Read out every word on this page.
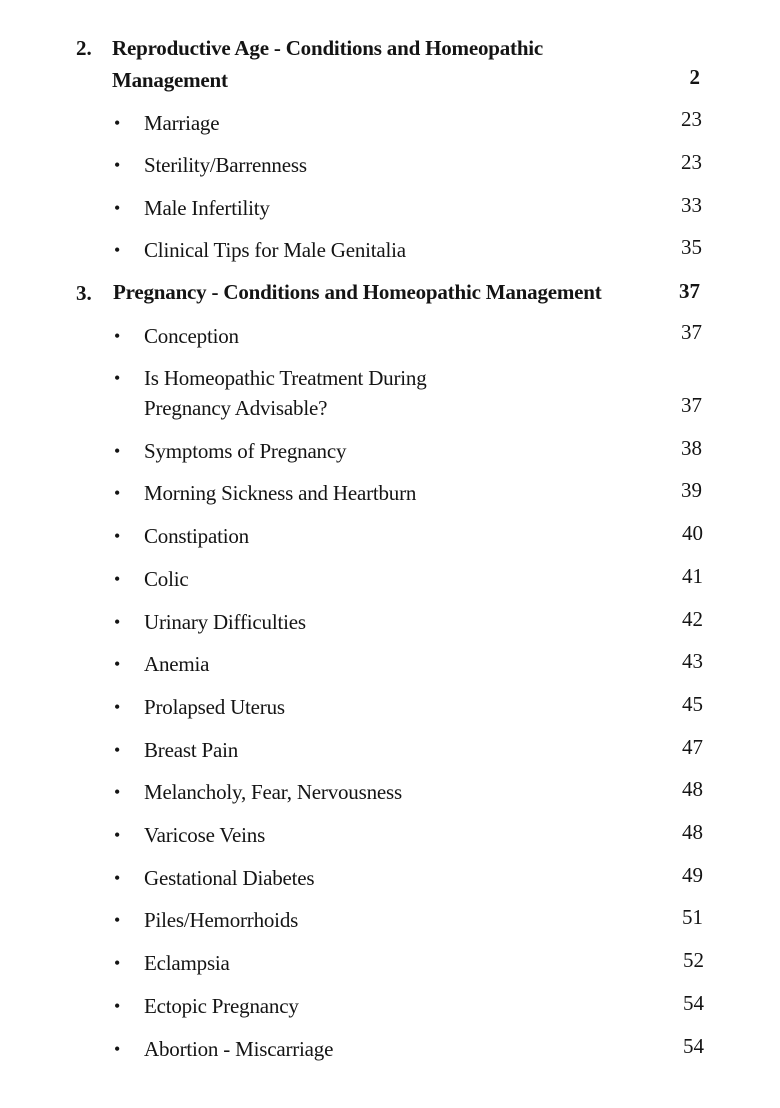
2. Reproductive Age - Conditions and Homeopathic
Management	2
• Marriage	23
• Sterility/Barrenness	23
• Male Infertility	33
• Clinical Tips for Male Genitalia	35
3. Pregnancy - Conditions and Homeopathic Management	37
• Conception	37
• Is Homeopathic Treatment During
Pregnancy Advisable?	37
• Symptoms of Pregnancy	38
• Morning Sickness and Heartburn	39
• Constipation	40
• Colic	41
• Urinary Difficulties	42
• Anemia	43
• Prolapsed Uterus	45
• Breast Pain	47
• Melancholy, Fear, Nervousness	48
• Varicose Veins	48
• Gestational Diabetes	49
• Piles/Hemorrhoids	51
• Eclampsia	52
• Ectopic Pregnancy	54
• Abortion - Miscarriage	54
